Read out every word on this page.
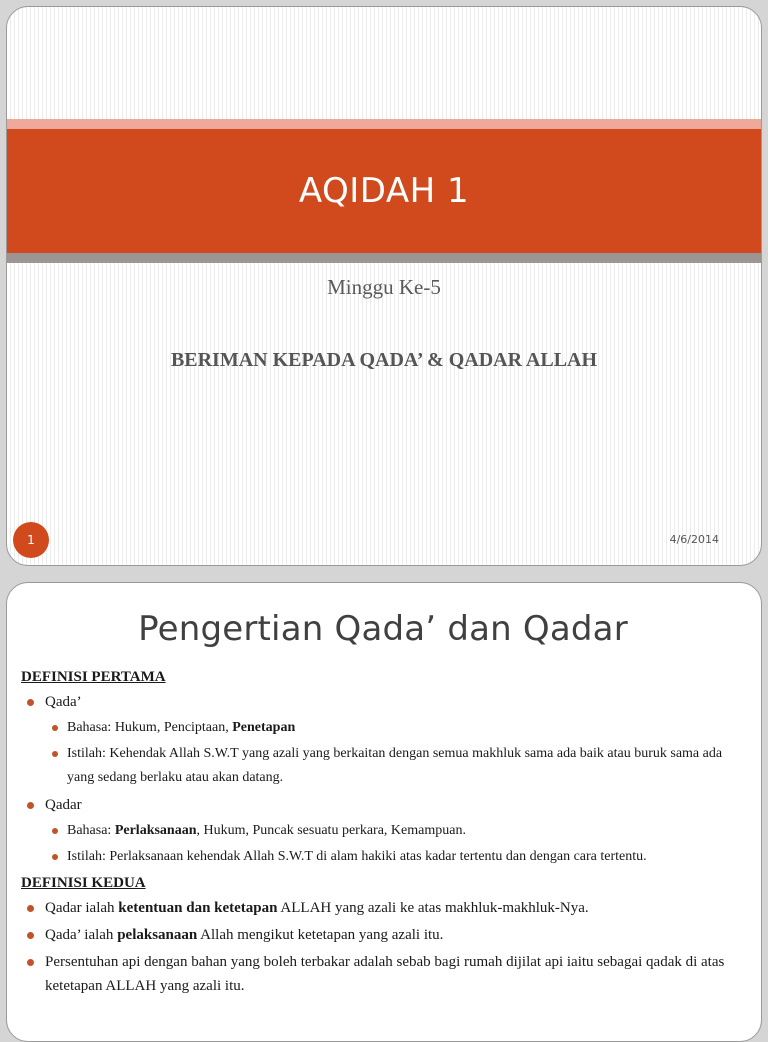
AQIDAH 1
Minggu Ke-5
BERIMAN KEPADA QADA’ & QADAR ALLAH
1	4/6/2014
Pengertian Qada’ dan Qadar

DEFINISI PERTAMA

Qada’
Bahasa: Hukum, Penciptaan, Penetapan
Istilah: Kehendak Allah S.W.T yang azali yang berkaitan dengan semua makhluk sama ada baik atau buruk sama ada yang sedang berlaku atau akan datang.
Qadar
Bahasa: Perlaksanaan, Hukum, Puncak sesuatu perkara, Kemampuan.
Istilah: Perlaksanaan kehendak Allah S.W.T di alam hakiki atas kadar tertentu dan dengan cara tertentu.

DEFINISI KEDUA

Qadar ialah ketentuan dan ketetapan ALLAH yang azali ke atas makhluk-makhluk-Nya.
Qada’ ialah pelaksanaan Allah mengikut ketetapan yang azali itu.
Persentuhan api dengan bahan yang boleh terbakar adalah sebab bagi rumah dijilat api iaitu sebagai qadak di atas ketetapan ALLAH yang azali itu.
